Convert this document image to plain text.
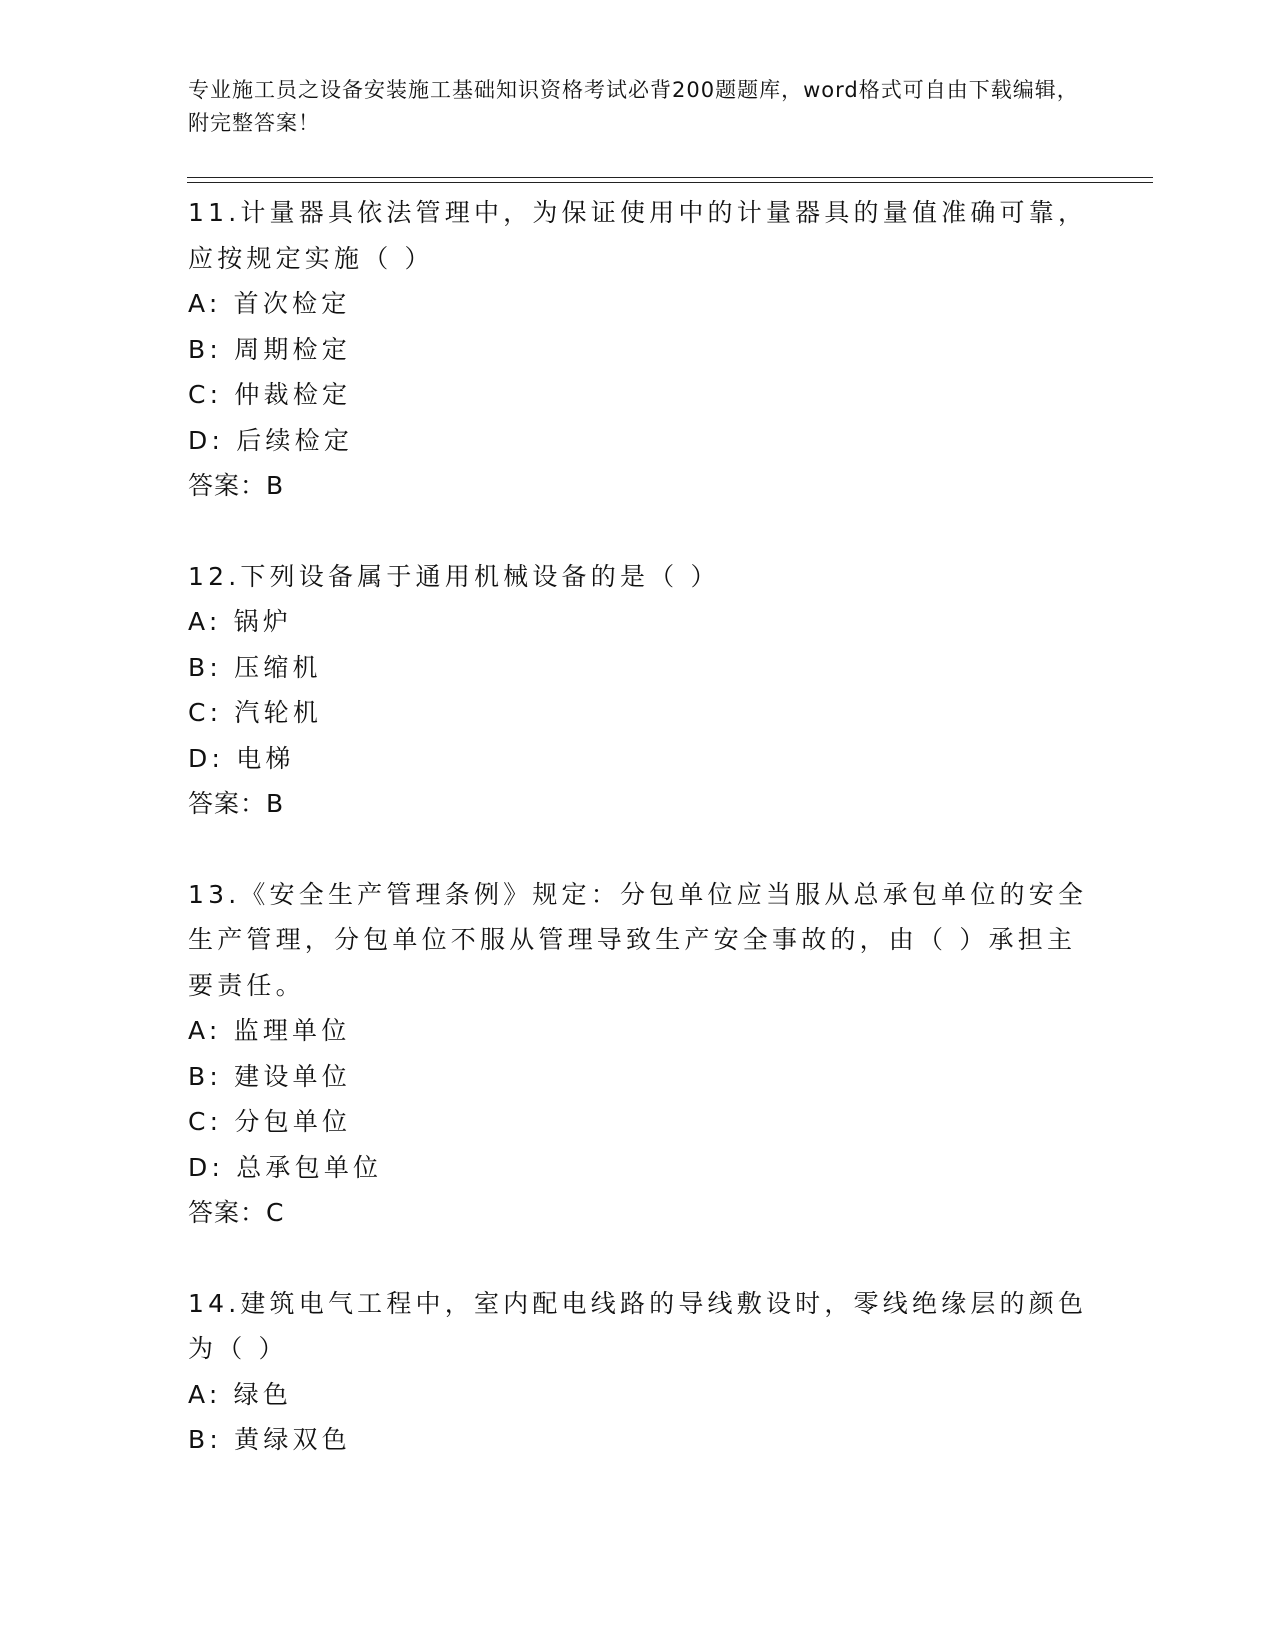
专业施工员之设备安装施工基础知识资格考试必背200题题库，word格式可自由下载编辑，附完整答案！

11.计量器具依法管理中，为保证使用中的计量器具的量值准确可靠，应按规定实施（ ）

A: 首次检定

B: 周期检定

C: 仲裁检定

D: 后续检定

答案：B

12.下列设备属于通用机械设备的是（ ）

A: 锅炉

B: 压缩机

C: 汽轮机

D: 电梯

答案：B

13.《安全生产管理条例》规定：分包单位应当服从总承包单位的安全生产管理，分包单位不服从管理导致生产安全事故的，由（ ）承担主要责任。

A: 监理单位

B: 建设单位

C: 分包单位

D: 总承包单位

答案：C

14.建筑电气工程中，室内配电线路的导线敷设时，零线绝缘层的颜色为（ ）

A: 绿色

B: 黄绿双色
